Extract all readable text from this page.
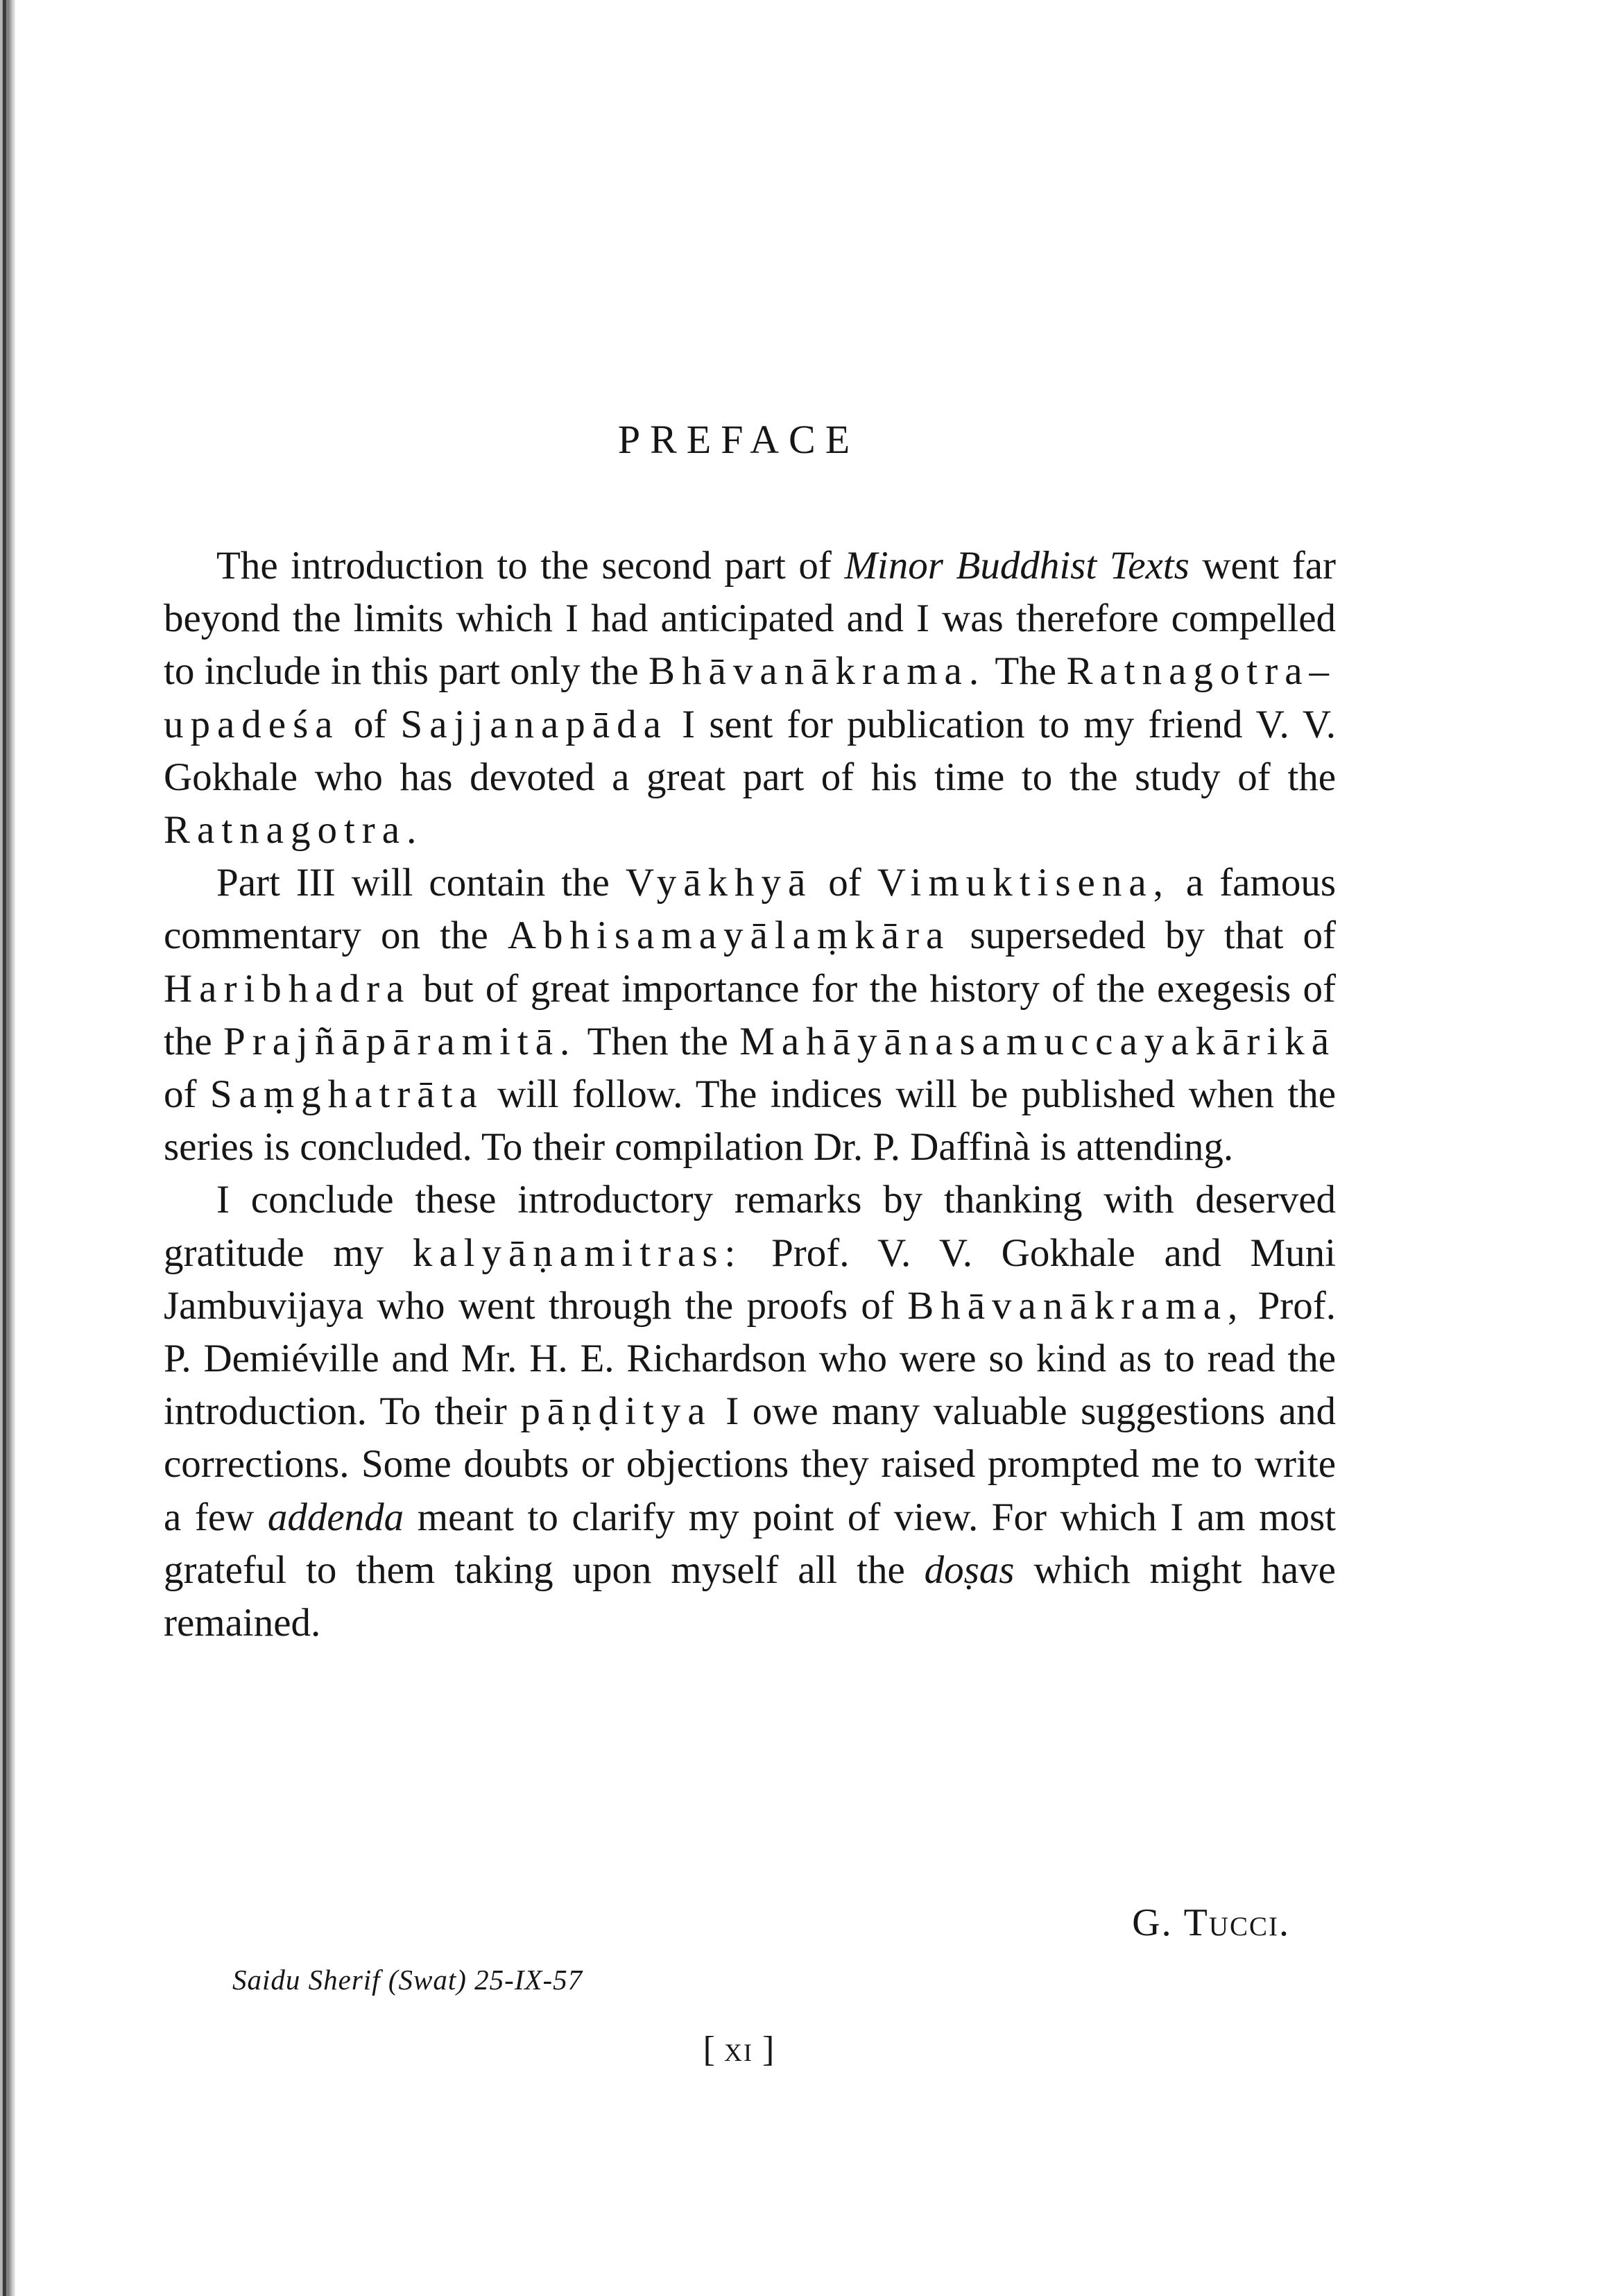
PREFACE

The introduction to the second part of Minor Buddhist Texts went far beyond the limits which I had anticipated and I was therefore compelled to include in this part only the Bhāvanākrama. The Ratnagotra–upadeśa of Sajjanapāda I sent for publication to my friend V. V. Gokhale who has devoted a great part of his time to the study of the Ratnagotra.

Part III will contain the Vyākhyā of Vimuktisena, a famous commentary on the Abhisamayālaṃkāra superseded by that of Haribhadra but of great importance for the history of the exegesis of the Prajñāpāramitā. Then the Mahāyānasamuccayakārikā of Saṃghatrāta will follow. The indices will be published when the series is concluded. To their compilation Dr. P. Daffinà is attending.

I conclude these introductory remarks by thanking with deserved gratitude my kalyāṇamitras: Prof. V. V. Gokhale and Muni Jambuvijaya who went through the proofs of Bhāvanākrama, Prof. P. Demiéville and Mr. H. E. Richardson who were so kind as to read the introduction. To their pāṇḍitya I owe many valuable suggestions and corrections. Some doubts or objections they raised prompted me to write a few addenda meant to clarify my point of view. For which I am most grateful to them taking upon myself all the doṣas which might have remained.

G. Tucci.
Saidu Sherif (Swat) 25-IX-57
[ xi ]
